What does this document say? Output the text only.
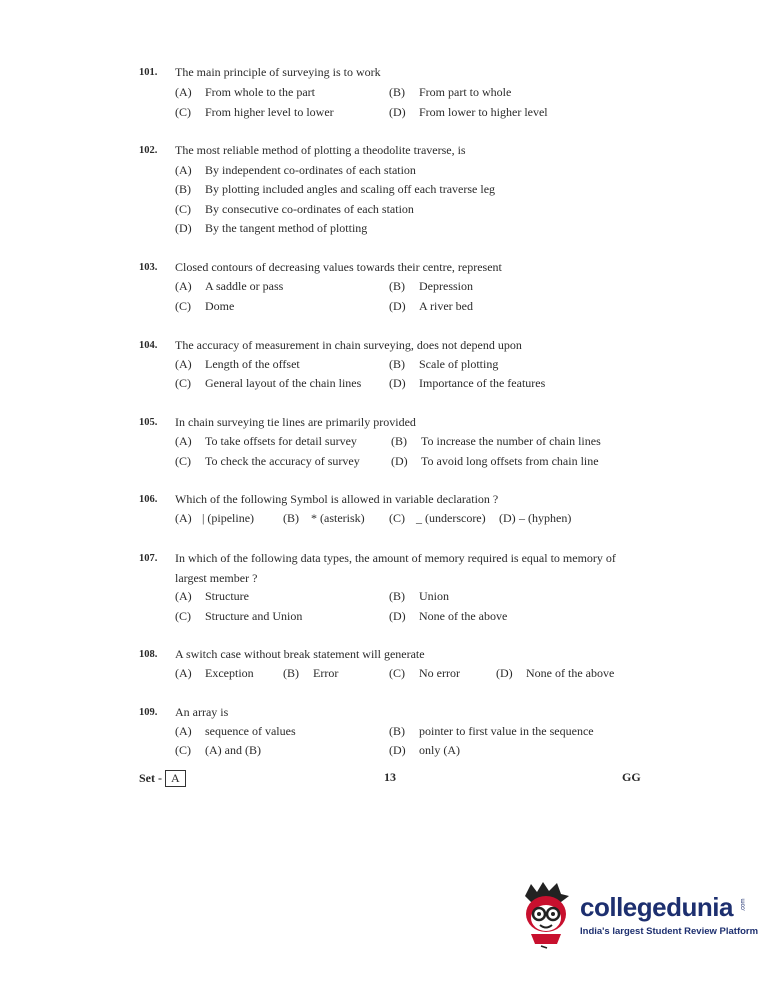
101. The main principle of surveying is to work
(A) From whole to the part	(B) From part to whole
(C) From higher level to lower	(D) From lower to higher level
102. The most reliable method of plotting a theodolite traverse, is
(A) By independent co-ordinates of each station
(B) By plotting included angles and scaling off each traverse leg
(C) By consecutive co-ordinates of each station
(D) By the tangent method of plotting
103. Closed contours of decreasing values towards their centre, represent
(A) A saddle or pass	(B) Depression
(C) Dome	(D) A river bed
104. The accuracy of measurement in chain surveying, does not depend upon
(A) Length of the offset	(B) Scale of plotting
(C) General layout of the chain lines (D) Importance of the features
105. In chain surveying tie lines are primarily provided
(A) To take offsets for detail survey	(B) To increase the number of chain lines
(C) To check the accuracy of survey	(D) To avoid long offsets from chain line
106. Which of the following Symbol is allowed in variable declaration ?
(A) | (pipeline) (B) * (asterisk) (C) _ (underscore) (D) – (hyphen)
107. In which of the following data types, the amount of memory required is equal to memory of largest member ?
(A) Structure	(B) Union
(C) Structure and Union	(D) None of the above
108. A switch case without break statement will generate
(A) Exception (B) Error	(C) No error	(D) None of the above
109. An array is
(A) sequence of values	(B) pointer to first value in the sequence
(C) (A) and (B)	(D) only (A)
Set - A	13	GG
collegedunia .com
India's largest Student Review Platform
